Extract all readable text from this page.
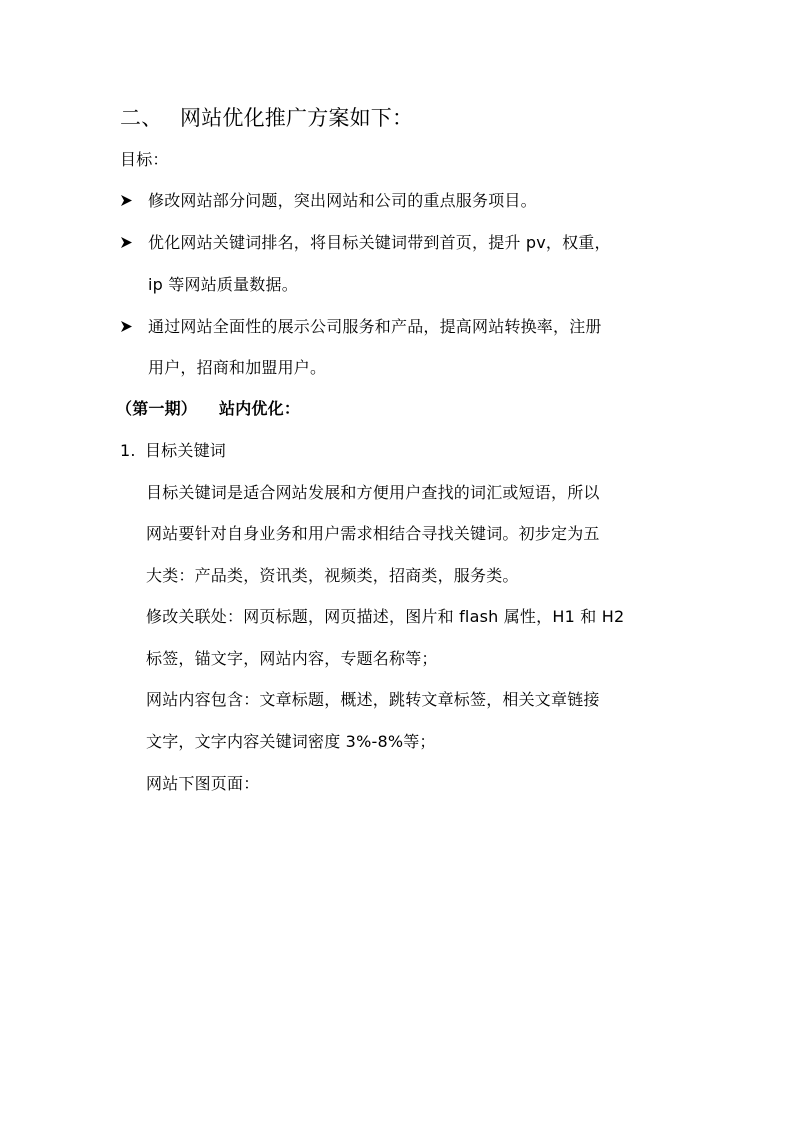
二、 网站优化推广方案如下：
目标：
修改网站部分问题，突出网站和公司的重点服务项目。
优化网站关键词排名，将目标关键词带到首页，提升 pv，权重，
ip 等网站质量数据。
通过网站全面性的展示公司服务和产品，提高网站转换率，注册
用户，招商和加盟用户。
（第一期） 站内优化：
1. 目标关键词
目标关键词是适合网站发展和方便用户查找的词汇或短语，所以
网站要针对自身业务和用户需求相结合寻找关键词。初步定为五
大类：产品类，资讯类，视频类，招商类，服务类。
修改关联处：网页标题，网页描述，图片和 flash 属性，H1 和 H2
标签，锚文字，网站内容，专题名称等；
网站内容包含：文章标题，概述，跳转文章标签，相关文章链接
文字，文字内容关键词密度 3%-8%等；
网站下图页面：
